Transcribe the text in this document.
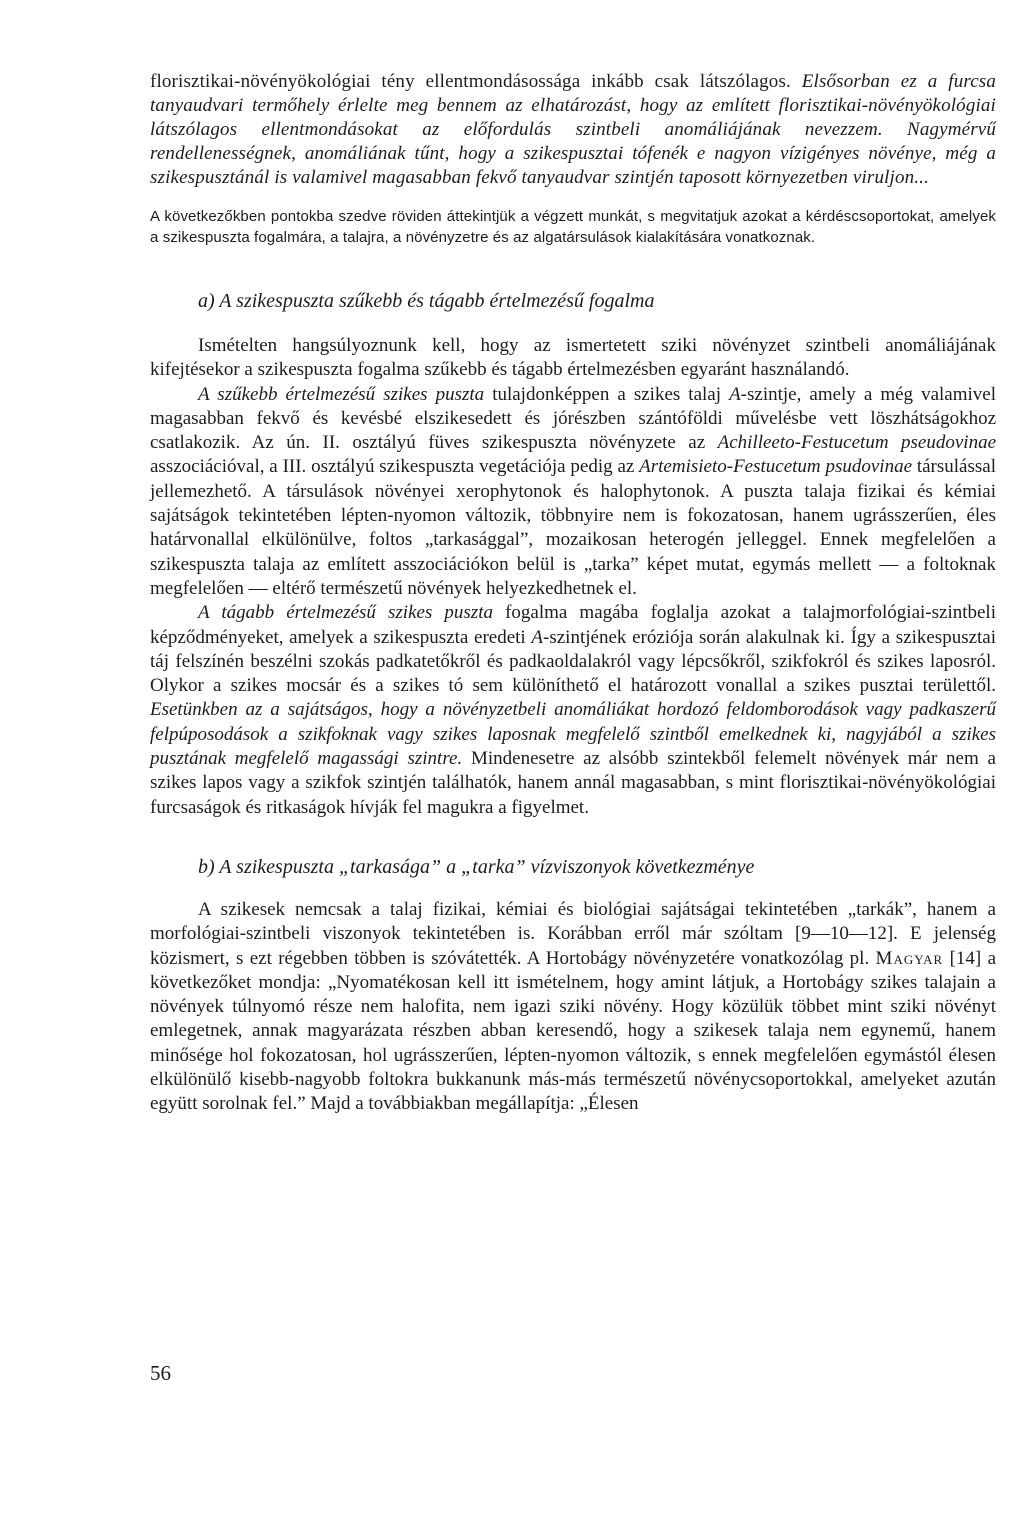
florisztikai-növényökológiai tény ellentmondásossága inkább csak látszólagos. Elsősorban ez a furcsa tanyaudvari termőhely érlelte meg bennem az elhatározást, hogy az említett florisztikai-növényökológiai látszólagos ellentmondásokat az előfordulás szintbeli anomáliájának nevezzem. Nagymérvű rendellenességnek, anomáliának tűnt, hogy a szikespusztai tófenék e nagyon vízigényes növénye, még a szikespusztánál is valamivel magasabban fekvő tanyaudvar szintjén taposott környezetben viruljon...

A következőkben pontokba szedve röviden áttekintjük a végzett munkát, s megvitatjuk azokat a kérdéscsoportokat, amelyek a szikespuszta fogalmára, a talajra, a növényzetre és az algatársulások kialakítására vonatkoznak.

a) A szikespuszta szűkebb és tágabb értelmezésű fogalma

Ismételten hangsúlyoznunk kell, hogy az ismertetett sziki növényzet szintbeli anomáliájának kifejtésekor a szikespuszta fogalma szűkebb és tágabb értelmezésben egyaránt használandó.

A szűkebb értelmezésű szikes puszta tulajdonképpen a szikes talaj A-szintje, amely a még valamivel magasabban fekvő és kevésbé elszikesedett és jórészben szántóföldi művelésbe vett löszhátságokhoz csatlakozik. Az ún. II. osztályú füves szikespuszta növényzete az Achilleeto-Festucetum pseudovinae asszociációval, a III. osztályú szikespuszta vegetációja pedig az Artemisieto-Festucetum psudovinae társulással jellemezhető. A társulások növényei xerophytonok és halophytonok. A puszta talaja fizikai és kémiai sajátságok tekintetében lépten-nyomon változik, többnyire nem is fokozatosan, hanem ugrásszerűen, éles határvonallal elkülönülve, foltos „tarkasággal”, mozaikosan heterogén jelleggel. Ennek megfelelően a szikespuszta talaja az említett asszociációkon belül is „tarka” képet mutat, egymás mellett — a foltoknak megfelelően — eltérő természetű növények helyezkedhetnek el.

A tágabb értelmezésű szikes puszta fogalma magába foglalja azokat a talajmorfológiai-szintbeli képződményeket, amelyek a szikespuszta eredeti A-szintjének eróziója során alakulnak ki. Így a szikespusztai táj felszínén beszélni szokás padkatetőkről és padkaoldalakról vagy lépcsőkről, szikfokról és szikes laposról. Olykor a szikes mocsár és a szikes tó sem különíthető el határozott vonallal a szikes pusztai területtől. Esetünkben az a sajátságos, hogy a növényzetbeli anomáliákat hordozó feldomborodások vagy padkaszerű felpúposodások a szikfoknak vagy szikes laposnak megfelelő szintből emelkednek ki, nagyjából a szikes pusztának megfelelő magassági szintre. Mindenesetre az alsóbb szintekből felemelt növények már nem a szikes lapos vagy a szikfok szintjén találhatók, hanem annál magasabban, s mint florisztikai-növényökológiai furcsaságok és ritkaságok hívják fel magukra a figyelmet.

b) A szikespuszta „tarkasága” a „tarka” vízviszonyok következménye

A szikesek nemcsak a talaj fizikai, kémiai és biológiai sajátságai tekintetében „tarkák”, hanem a morfológiai-szintbeli viszonyok tekintetében is. Korábban erről már szóltam [9—10—12]. E jelenség közismert, s ezt régebben többen is szóvátették. A Hortobágy növényzetére vonatkozólag pl. Magyar [14] a következőket mondja: „Nyomatékosan kell itt ismételnem, hogy amint látjuk, a Hortobágy szikes talajain a növények túlnyomó része nem halofita, nem igazi sziki növény. Hogy közülük többet mint sziki növényt emlegetnek, annak magyarázata részben abban keresendő, hogy a szikesek talaja nem egynemű, hanem minősége hol fokozatosan, hol ugrásszerűen, lépten-nyomon változik, s ennek megfelelően egymástól élesen elkülönülő kisebb-nagyobb foltokra bukkanunk más-más természetű növénycsoportokkal, amelyeket azután együtt sorolnak fel.” Majd a továbbiakban megállapítja: „Élesen

56
